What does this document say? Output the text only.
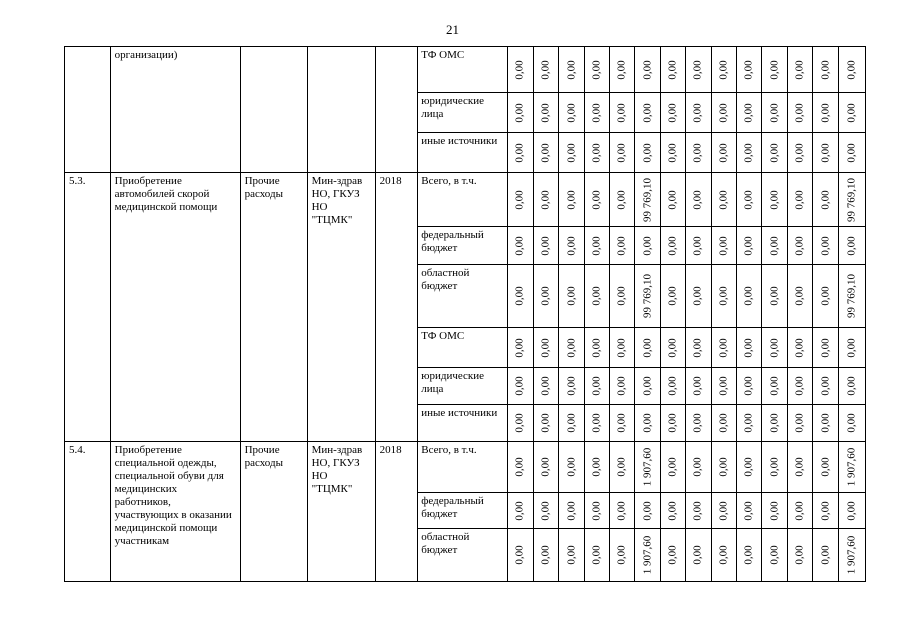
21

	организации)				ТФ ОМС	0,00	0,00	0,00	0,00	0,00	0,00	0,00	0,00	0,00	0,00	0,00	0,00	0,00	0,00

					юридические лица	0,00	0,00	0,00	0,00	0,00	0,00	0,00	0,00	0,00	0,00	0,00	0,00	0,00	0,00

					иные источники	0,00	0,00	0,00	0,00	0,00	0,00	0,00	0,00	0,00	0,00	0,00	0,00	0,00	0,00

5.3.	Приобретение автомобилей скорой медицинской помощи	Прочие расходы	Мин-здрав НО, ГКУЗ НО "ТЦМК"	2018	Всего, в т.ч.	0,00	0,00	0,00	0,00	0,00	99 769,10	0,00	0,00	0,00	0,00	0,00	0,00	0,00	99 769,10

					федеральный бюджет	0,00	0,00	0,00	0,00	0,00	0,00	0,00	0,00	0,00	0,00	0,00	0,00	0,00	0,00

					областной бюджет	0,00	0,00	0,00	0,00	0,00	99 769,10	0,00	0,00	0,00	0,00	0,00	0,00	0,00	99 769,10

					ТФ ОМС	0,00	0,00	0,00	0,00	0,00	0,00	0,00	0,00	0,00	0,00	0,00	0,00	0,00	0,00

					юридические лица	0,00	0,00	0,00	0,00	0,00	0,00	0,00	0,00	0,00	0,00	0,00	0,00	0,00	0,00

					иные источники	0,00	0,00	0,00	0,00	0,00	0,00	0,00	0,00	0,00	0,00	0,00	0,00	0,00	0,00

5.4.	Приобретение специальной одежды, специальной обуви для медицинских работников, участвующих в оказании медицинской помощи участникам	Прочие расходы	Мин-здрав НО, ГКУЗ НО "ТЦМК"	2018	Всего, в т.ч.	0,00	0,00	0,00	0,00	0,00	1 907,60	0,00	0,00	0,00	0,00	0,00	0,00	0,00	1 907,60

					федеральный бюджет	0,00	0,00	0,00	0,00	0,00	0,00	0,00	0,00	0,00	0,00	0,00	0,00	0,00	0,00

					областной бюджет	0,00	0,00	0,00	0,00	0,00	1 907,60	0,00	0,00	0,00	0,00	0,00	0,00	0,00	1 907,60
